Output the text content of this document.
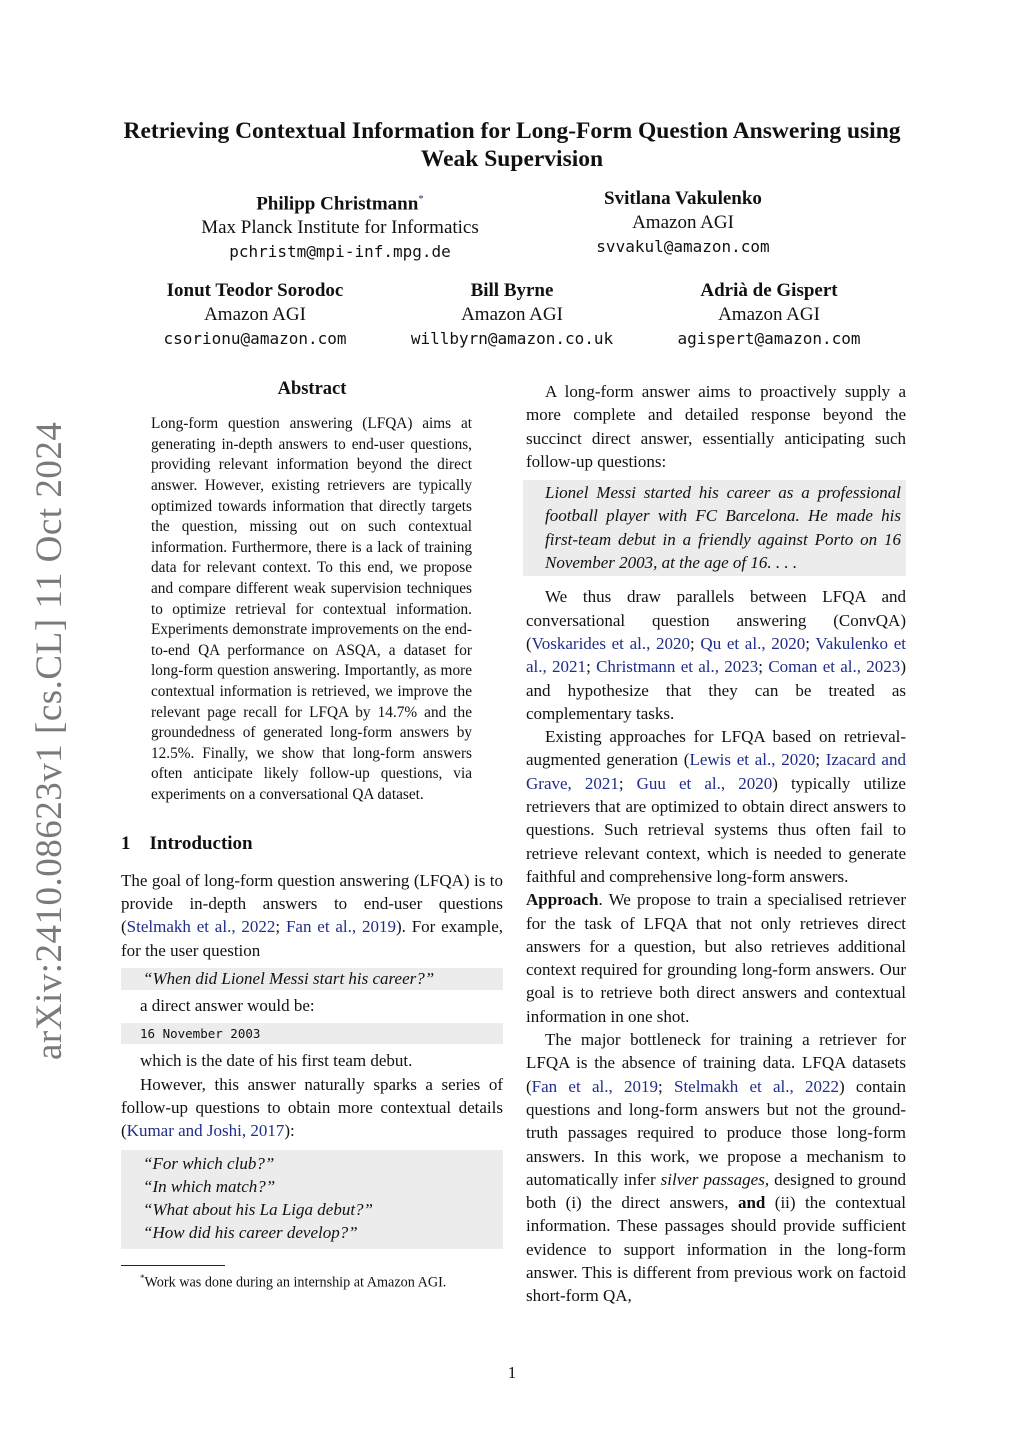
arXiv:2410.08623v1 [cs.CL] 11 Oct 2024
Retrieving Contextual Information for Long-Form Question Answering using Weak Supervision
Philipp Christmann*
Max Planck Institute for Informatics
pchristm@mpi-inf.mpg.de
Svitlana Vakulenko
Amazon AGI
svvakul@amazon.com
Ionut Teodor Sorodoc
Amazon AGI
csorionu@amazon.com
Bill Byrne
Amazon AGI
willbyrn@amazon.co.uk
Adrià de Gispert
Amazon AGI
agispert@amazon.com
Abstract
Long-form question answering (LFQA) aims at generating in-depth answers to end-user questions, providing relevant information beyond the direct answer. However, existing retrievers are typically optimized towards information that directly targets the question, missing out on such contextual information. Furthermore, there is a lack of training data for relevant context. To this end, we propose and compare different weak supervision techniques to optimize retrieval for contextual information. Experiments demonstrate improvements on the end-to-end QA performance on ASQA, a dataset for long-form question answering. Importantly, as more contextual information is retrieved, we improve the relevant page recall for LFQA by 14.7% and the groundedness of generated long-form answers by 12.5%. Finally, we show that long-form answers often anticipate likely follow-up questions, via experiments on a conversational QA dataset.
1    Introduction

The goal of long-form question answering (LFQA) is to provide in-depth answers to end-user questions (Stelmakh et al., 2022; Fan et al., 2019). For example, for the user question

“When did Lionel Messi start his career?”

a direct answer would be:

16 November 2003

which is the date of his first team debut.

However, this answer naturally sparks a series of follow-up questions to obtain more contextual details (Kumar and Joshi, 2017):

“For which club?”
“In which match?”
“What about his La Liga debut?”
“How did his career develop?”
*Work was done during an internship at Amazon AGI.

A long-form answer aims to proactively supply a more complete and detailed response beyond the succinct direct answer, essentially anticipating such follow-up questions:

Lionel Messi started his career as a professional football player with FC Barcelona. He made his first-team debut in a friendly against Porto on 16 November 2003, at the age of 16. . . .

We thus draw parallels between LFQA and conversational question answering (ConvQA) (Voskarides et al., 2020; Qu et al., 2020; Vakulenko et al., 2021; Christmann et al., 2023; Coman et al., 2023) and hypothesize that they can be treated as complementary tasks.

Existing approaches for LFQA based on retrieval-augmented generation (Lewis et al., 2020; Izacard and Grave, 2021; Guu et al., 2020) typically utilize retrievers that are optimized to obtain direct answers to questions. Such retrieval systems thus often fail to retrieve relevant context, which is needed to generate faithful and comprehensive long-form answers.

Approach. We propose to train a specialised retriever for the task of LFQA that not only retrieves direct answers for a question, but also retrieves additional context required for grounding long-form answers. Our goal is to retrieve both direct answers and contextual information in one shot.

The major bottleneck for training a retriever for LFQA is the absence of training data. LFQA datasets (Fan et al., 2019; Stelmakh et al., 2022) contain questions and long-form answers but not the ground-truth passages required to produce those long-form answers. In this work, we propose a mechanism to automatically infer silver passages, designed to ground both (i) the direct answers, and (ii) the contextual information. These passages should provide sufficient evidence to support information in the long-form answer. This is different from previous work on factoid short-form QA,

1
